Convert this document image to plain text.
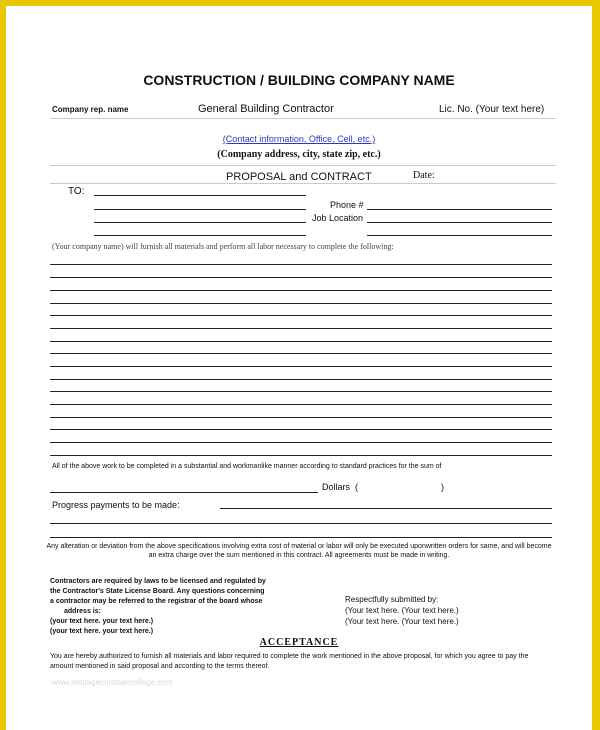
CONSTRUCTION / BUILDING COMPANY NAME
Company rep. name	General Building Contractor	Lic. No. (Your text here)
(Contact information, Office, Cell, etc.)
(Company address, city, state zip, etc.)
PROPOSAL and CONTRACT	Date:
TO:
Phone #
Job Location
(Your company name) will furnish all materials and perform all labor necessary to complete the following:
All of the above work to be completed in a substantial and workmanlike manner according to standard practices for the sum of
Dollars (	)
Progress payments to be made:
Any alteration or deviation from the above specifications involving extra cost of material or labor will only be executed uponwritten orders for same, and will become an extra charge over the sum mentioned in this contract. All agreements must be made in writing.
Contractors are required by laws to be licensed and regulated by
the Contractor's State License Board. Any questions concerning
a contractor may be referred to the registrar of the board whose
address is:
(your text here. your text here.)
(your text here. your text here.)
Respectfully submitted by:
(Your text here. (Your text here.)
(Your text here. (Your text here.)
ACCEPTANCE
You are hereby authorized to furnish all materials and labor required to complete the work mentioned in the above proposal, for which you agree to pay the amount mentioned in said proposal and according to the terms thereof.
www.heritagechristiancollege.com
